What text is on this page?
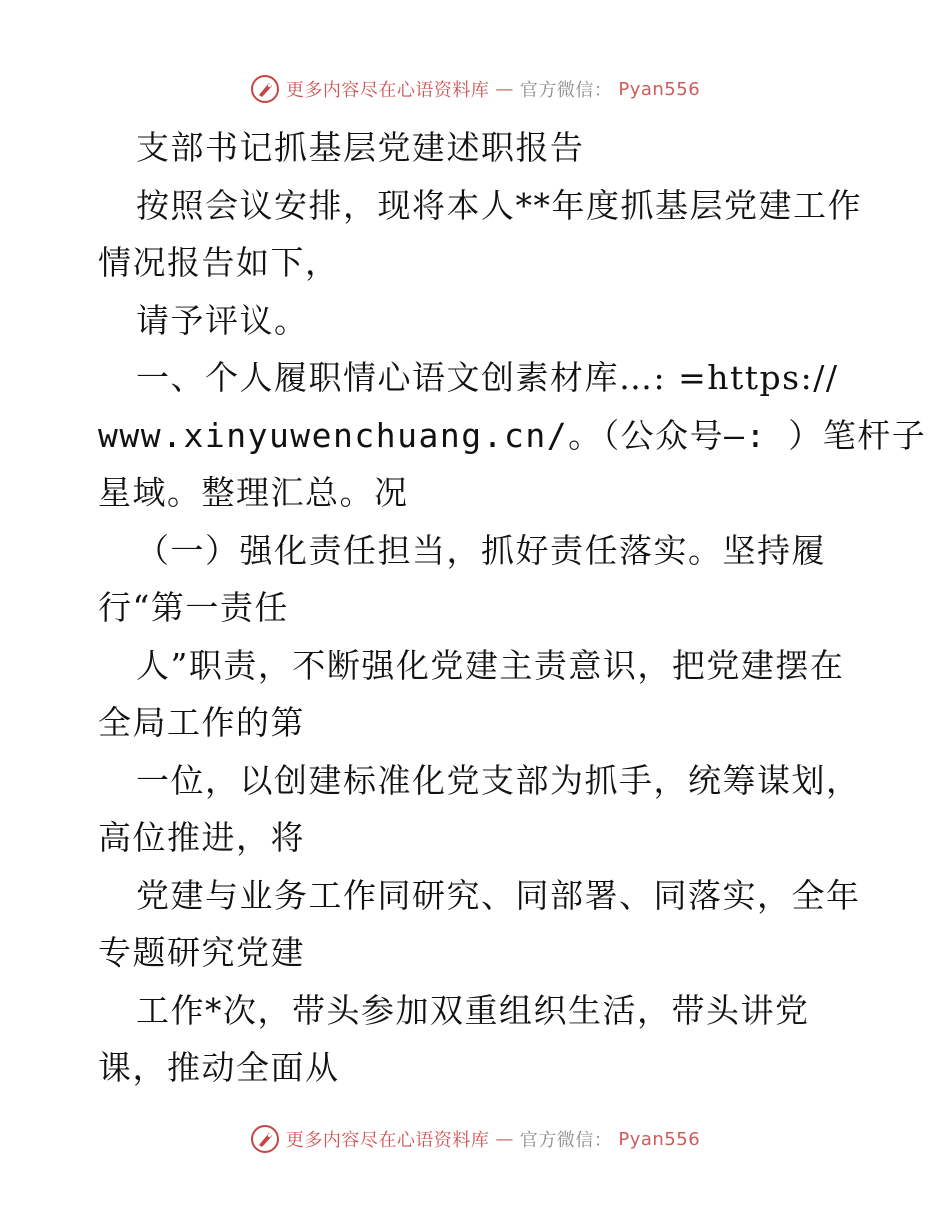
更多内容尽在心语资料库 — 官方微信： Pyan556
支部书记抓基层党建述职报告
按照会议安排，现将本人**年度抓基层党建工作
情况报告如下，
请予评议。
一、个人履职情心语文创素材库…: =https://
www.xinyuwenchuang.cn/。（公众号—: ）笔杆子
星域。整理汇总。况
（一）强化责任担当，抓好责任落实。坚持履
行“第一责任
人”职责，不断强化党建主责意识，把党建摆在
全局工作的第
一位，以创建标准化党支部为抓手，统筹谋划，
高位推进，将
党建与业务工作同研究、同部署、同落实，全年
专题研究党建
工作*次，带头参加双重组织生活，带头讲党
课，推动全面从
更多内容尽在心语资料库 — 官方微信： Pyan556
